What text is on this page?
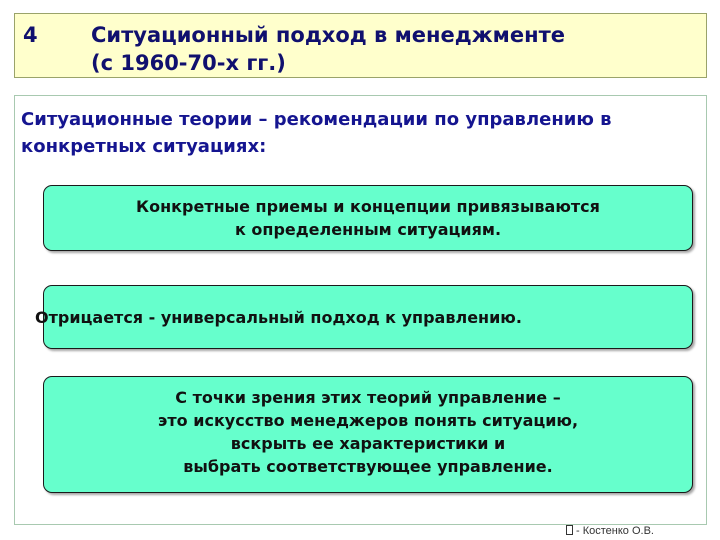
4	Ситуационный подход в менеджменте
(с 1960-70-х гг.)
Ситуационные теории – рекомендации по управлению в конкретных ситуациях:
Конкретные приемы и концепции привязываются
к определенным ситуациям.
Отрицается - универсальный подход к управлению.
С точки зрения этих теорий управление –
это искусство менеджеров понять ситуацию,
вскрыть ее характеристики и
выбрать соответствующее управление.
- Костенко О.В.
